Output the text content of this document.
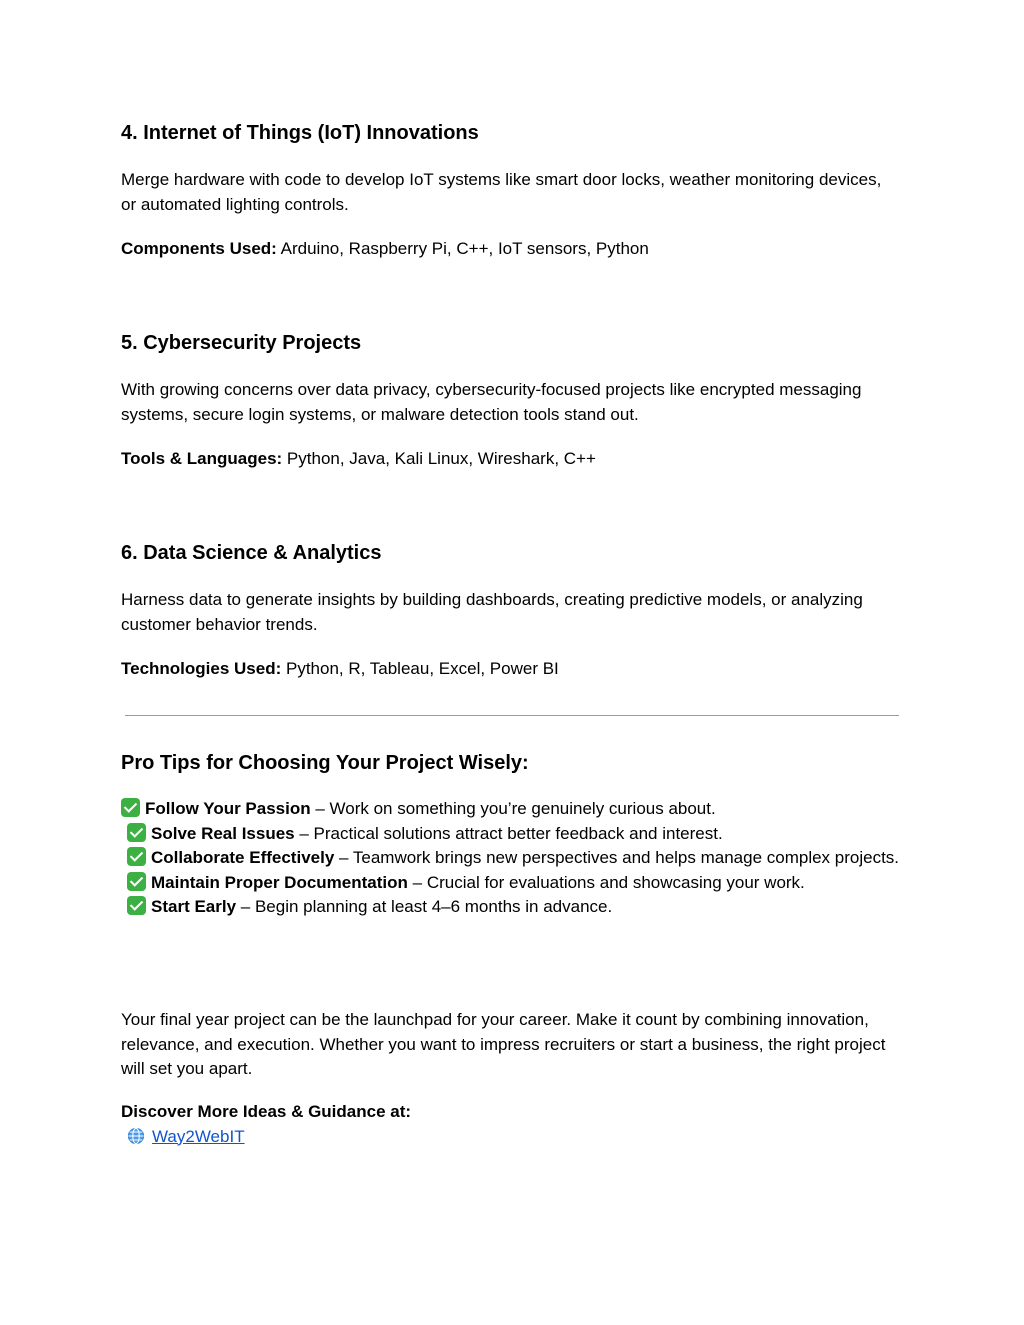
4. Internet of Things (IoT) Innovations

Merge hardware with code to develop IoT systems like smart door locks, weather monitoring devices, or automated lighting controls.

Components Used: Arduino, Raspberry Pi, C++, IoT sensors, Python

5. Cybersecurity Projects

With growing concerns over data privacy, cybersecurity-focused projects like encrypted messaging systems, secure login systems, or malware detection tools stand out.

Tools & Languages: Python, Java, Kali Linux, Wireshark, C++

6. Data Science & Analytics

Harness data to generate insights by building dashboards, creating predictive models, or analyzing customer behavior trends.

Technologies Used: Python, R, Tableau, Excel, Power BI

Pro Tips for Choosing Your Project Wisely:
Follow Your Passion – Work on something you’re genuinely curious about.
Solve Real Issues – Practical solutions attract better feedback and interest.
Collaborate Effectively – Teamwork brings new perspectives and helps manage complex projects.
Maintain Proper Documentation – Crucial for evaluations and showcasing your work.
Start Early – Begin planning at least 4–6 months in advance.

Your final year project can be the launchpad for your career. Make it count by combining innovation, relevance, and execution. Whether you want to impress recruiters or start a business, the right project will set you apart.

Discover More Ideas & Guidance at:

Way2WebIT
